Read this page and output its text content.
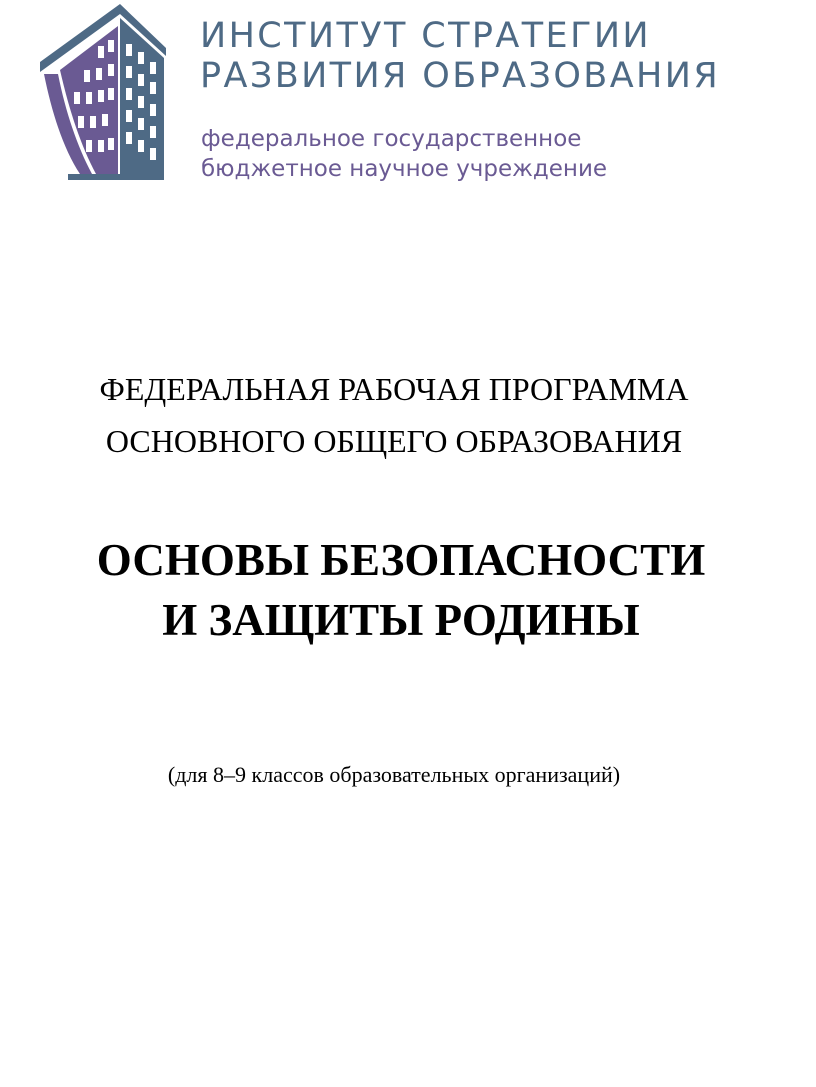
ИНСТИТУТ СТРАТЕГИИ
РАЗВИТИЯ ОБРАЗОВАНИЯ

федеральное государственное
бюджетное научное учреждение

ФЕДЕРАЛЬНАЯ РАБОЧАЯ ПРОГРАММА
ОСНОВНОГО ОБЩЕГО ОБРАЗОВАНИЯ

ОСНОВЫ БЕЗОПАСНОСТИ
И ЗАЩИТЫ РОДИНЫ

(для 8–9 классов образовательных организаций)
